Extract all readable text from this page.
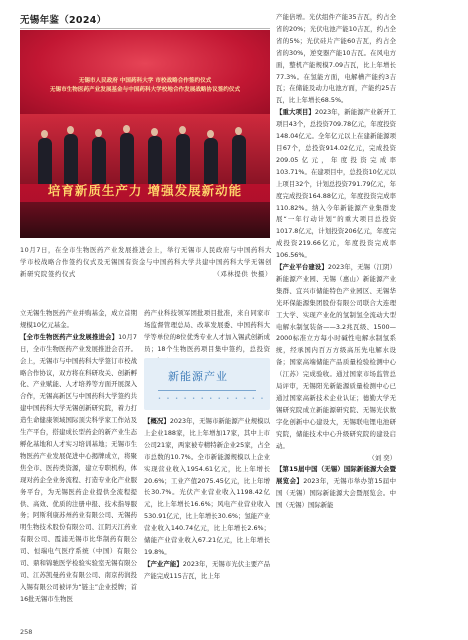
无锡年鉴（2024）
无锡市人民政府 中国药科大学 市校战略合作签约仪式
无锡市生物医药产业发展基金与中国药科大学校地合作发展战略协议签约仪式
培育新质生产力 增强发展新动能
10月7日，在全市生物医药产业发展推进会上，举行无锡市人民政府与中国药科大学市校战略合作签约仪式及无锡国有资金与中国药科大学共建中国药科大学无锡创新研究院签约仪式	（邓林提供 快摄）

立无锡生物医药产业并购基金，成立首期规模10亿元基金。

【全市生物医药产业发展推进会】10月7日，全市生物医药产业发展推进会召开。会上，无锡市与中国药科大学签订市校战略合作协议，双方将在科研攻关、创新孵化、产业赋能、人才培养等方面开展深入合作，无锡高新区与中国药科大学签约共建中国药科大学无锡创新研究院，着力打造生命健康领域国际顶尖科学家工作站及生产平台，搭建成长型药企的新产业生态孵化基地和人才实习培训基地；无锡市生物医药产业发展促进中心揭牌成立，将聚焦全市、医药类资源，建立专职机构，体现对药企全业务流程、打造专业化产业服务平台，为无锡医药企业提供全流程提供、高效、优质的注册申报、技术指导服务；阿斯利康苏州药业有限公司、无锡药明生物技术股份有限公司、江阴天江药业有限公司、霞浦无锡市比华制药有限公司、恒瑞电气医疗系统（中国）有限公司、鼎和锦驰医学检验实验室无锡有限公司、江苏凯曼药业有限公司、南京药润投入锡有限公司被评为“链主”企业授牌；首16批无锡市生物医

药产业科技领军团批项目批准，来自同家市场监督管理总局、改革发展委、中国药科大学等单位的8位优秀专业人才加入锡武创新成员；18个生物医药项目集中签约，总投资

新能源产业
• • • • • • • • • • • • •

【概况】2023年，无锡市新能源产业规模以上企业188家，比上年增加17家，其中上市公司21家，两家被专精特新企业25家，占全市总数的10.7%。全市新能源规模以上企业实现营业收入1954.61亿元，比上年增长20.6%；工业产值2075.45亿元，比上年增长30.7%。光伏产业营业收入1198.42亿元，比上年增长16.6%；风电产业营业收入530.91亿元，比上年增长30.6%；氢能产业营业收入140.74亿元，比上年增长2.6%；储能产业营业收入67.21亿元，比上年增长19.8%。

【产业产能】2023年，无锡市光伏主要产品产能完成115吉瓦，比上年

产能倍增。光伏组件产能35吉瓦，约占全省的20%；光伏电池产能10吉瓦，约占全省的5%；光伏硅片产能60吉瓦，约占全省的30%，逆变器产能10吉瓦。在风电方面，整机产能规模7.09吉瓦，比上年增长77.3%。在氢能方面，电解槽产能约3吉瓦；在储能及动力电池方面，产能约25吉瓦，比上年增长68.5%。

【重大项目】2023年，新能源产业新开工项目43个，总投资709.78亿元，年度投资148.04亿元。全年亿元以上在建新能源项目67个，总投资914.02亿元，完成投资209.05亿元，年度投资完成率103.71%。在建项目中，总投资10亿元以上项目32个，计划总投资791.79亿元，年度完成投资164.88亿元，年度投资完成率110.82%。纳入今年新能源产业集群发展“一年行动计划”的重大项目总投资1017.8亿元，计划投资206亿元，年度完成投资219.66亿元，年度投资完成率106.56%。

【产业平台建设】2023年，无锡（江阴）新能源产业园、无锡（惠山）新能源产业集群、宜兴市储能特色产业园区、无锡华光环保能源集团股份有限公司联合大连理工大学、实现产业化的氢制氢全流动大型电解水制氢装备——3.2兆瓦级、1500—2000标准立方每小时碱性电解水制氢系统，经承国内百万方级高压先电解水设备；国家高端储能产品质量检验检测中心（江苏）完成验收。通过国家市场监管总局评审，无锡阳光新能源质量检测中心已通过国家高新技术企业认证；德勤大学无锡研究院成立新能源研究院、无锡光伏数字化创新中心建设大，无锡联电锂电池研究院，储能技术中心升级研究院的建设启动。

（刘 奕）

【第15届中国（无锡）国际新能源大会暨展览会】2023年，无锡市举办第15届中国（无锡）国际新能源大会暨展览会。中国（无锡）国际新能

258
